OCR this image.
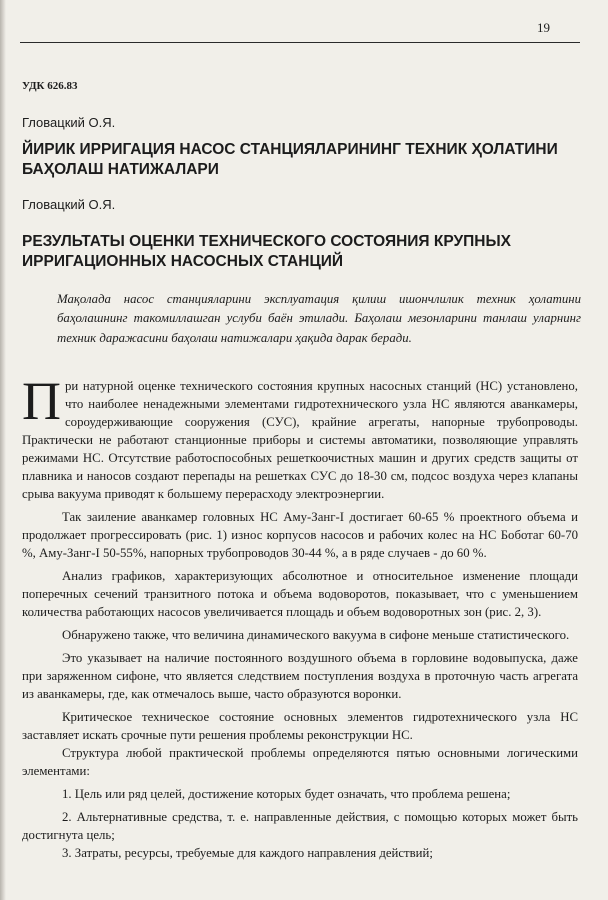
19
УДК 626.83
Гловацкий О.Я.
ЙИРИК ИРРИГАЦИЯ НАСОС СТАНЦИЯЛАРИНИНГ ТЕХНИК ҲОЛАТИНИ БАҲОЛАШ НАТИЖАЛАРИ
Гловацкий О.Я.
РЕЗУЛЬТАТЫ ОЦЕНКИ ТЕХНИЧЕСКОГО СОСТОЯНИЯ КРУПНЫХ ИРРИГАЦИОННЫХ НАСОСНЫХ СТАНЦИЙ

Мақолада насос станцияларини эксплуатация қилиш ишончлилик техник ҳолатини баҳолашнинг такомиллашган услуби баён этилади. Баҳолаш мезонларини танлаш уларнинг техник даражасини баҳолаш натижалари ҳақида дарак беради.

При натурной оценке технического состояния крупных насосных станций (НС) установлено, что наиболее ненадежными элементами гидротехнического узла НС являются аванкамеры, сороудерживающие сооружения (СУС), крайние агрегаты, напорные трубопроводы. Практически не работают станционные приборы и системы автоматики, позволяющие управлять режимами НС. Отсутствие работоспособных решеткоочистных машин и других средств защиты от плавника и наносов создают перепады на решетках СУС до 18-30 см, подсос воздуха через клапаны срыва вакуума приводят к большему перерасходу электроэнергии.

Так заиление аванкамер головных НС Аму-Занг-I достигает 60-65 % проектного объема и продолжает прогрессировать (рис. 1) износ корпусов насосов и рабочих колес на НС Боботаг 60-70 %, Аму-Занг-I 50-55%, напорных трубопроводов 30-44 %, а в ряде случаев - до 60 %.

Анализ графиков, характеризующих абсолютное и относительное изменение площади поперечных сечений транзитного потока и объема водоворотов, показывает, что с уменьшением количества работающих насосов увеличивается площадь и объем водоворотных зон (рис. 2, 3).

Обнаружено также, что величина динамического вакуума в сифоне меньше статистического.

Это указывает на наличие постоянного воздушного объема в горловине водовыпуска, даже при заряженном сифоне, что является следствием поступления воздуха в проточную часть агрегата из аванкамеры, где, как отмечалось выше, часто образуются воронки.

Критическое техническое состояние основных элементов гидротехнического узла НС заставляет искать срочные пути решения проблемы реконструкции НС.

Структура любой практической проблемы определяются пятью основными логическими элементами:

1. Цель или ряд целей, достижение которых будет означать, что проблема решена;

2. Альтернативные средства, т. е. направленные действия, с помощью которых может быть достигнута цель;

3. Затраты, ресурсы, требуемые для каждого направления действий;
